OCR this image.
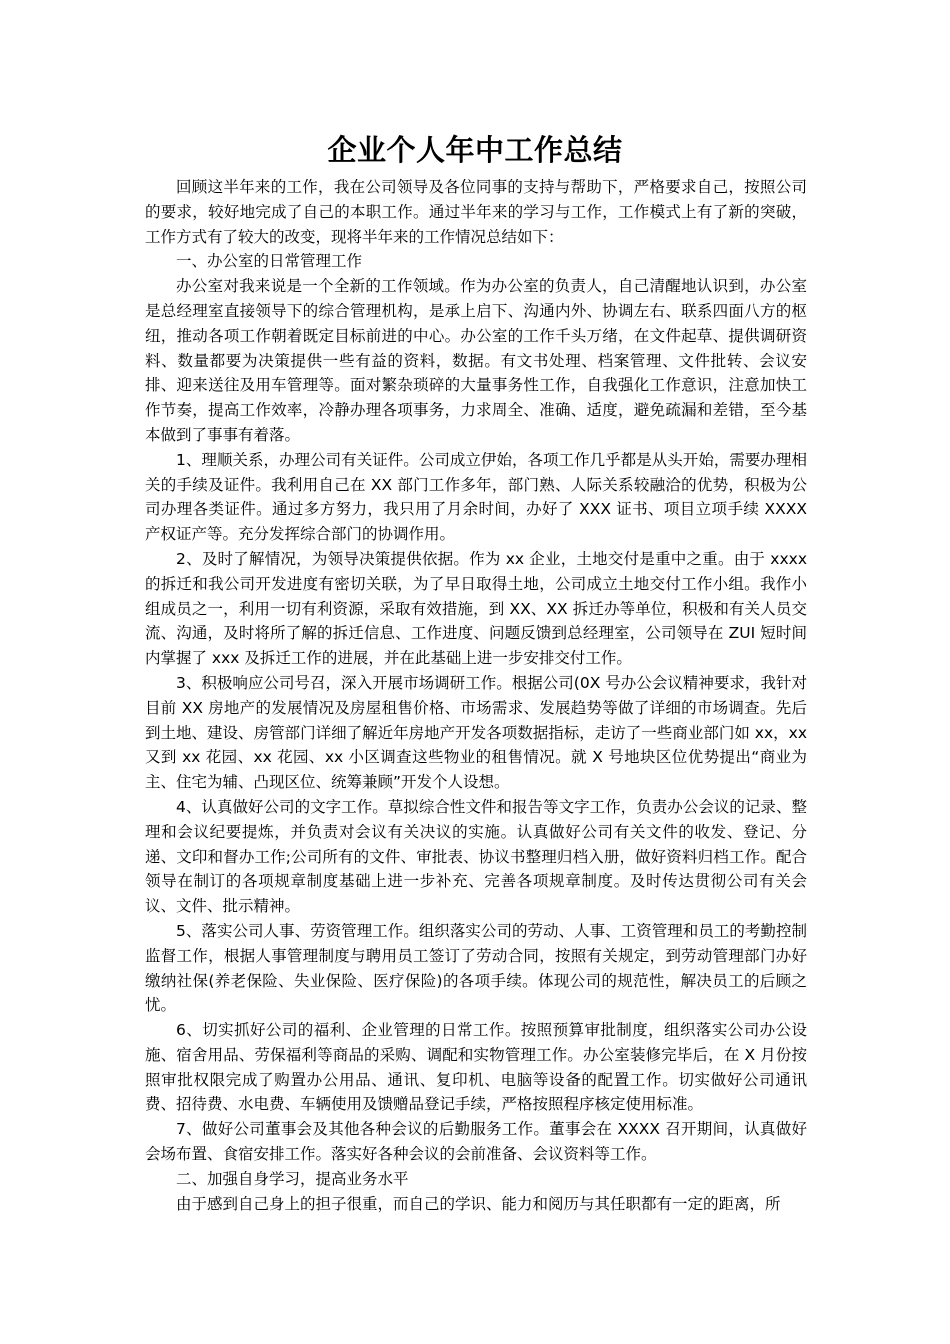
企业个人年中工作总结

回顾这半年来的工作，我在公司领导及各位同事的支持与帮助下，严格要求自己，按照公司的要求，较好地完成了自己的本职工作。通过半年来的学习与工作，工作模式上有了新的突破，工作方式有了较大的改变，现将半年来的工作情况总结如下：

一、办公室的日常管理工作

办公室对我来说是一个全新的工作领域。作为办公室的负责人，自己清醒地认识到，办公室是总经理室直接领导下的综合管理机构，是承上启下、沟通内外、协调左右、联系四面八方的枢纽，推动各项工作朝着既定目标前进的中心。办公室的工作千头万绪，在文件起草、提供调研资料、数量都要为决策提供一些有益的资料，数据。有文书处理、档案管理、文件批转、会议安排、迎来送往及用车管理等。面对繁杂琐碎的大量事务性工作，自我强化工作意识，注意加快工作节奏，提高工作效率，冷静办理各项事务，力求周全、准确、适度，避免疏漏和差错，至今基本做到了事事有着落。

1、理顺关系，办理公司有关证件。公司成立伊始，各项工作几乎都是从头开始，需要办理相关的手续及证件。我利用自己在 XX 部门工作多年，部门熟、人际关系较融洽的优势，积极为公司办理各类证件。通过多方努力，我只用了月余时间，办好了 XXX 证书、项目立项手续 XXXX 产权证产等。充分发挥综合部门的协调作用。

2、及时了解情况，为领导决策提供依据。作为 xx 企业，土地交付是重中之重。由于 xxxx 的拆迁和我公司开发进度有密切关联，为了早日取得土地，公司成立土地交付工作小组。我作小组成员之一，利用一切有利资源，采取有效措施，到 XX、XX 拆迁办等单位，积极和有关人员交流、沟通，及时将所了解的拆迁信息、工作进度、问题反馈到总经理室，公司领导在 ZUI 短时间内掌握了 xxx 及拆迁工作的进展，并在此基础上进一步安排交付工作。

3、积极响应公司号召，深入开展市场调研工作。根据公司(0X 号办公会议精神要求，我针对目前 XX 房地产的发展情况及房屋租售价格、市场需求、发展趋势等做了详细的市场调查。先后到土地、建设、房管部门详细了解近年房地产开发各项数据指标，走访了一些商业部门如 xx，xx 又到 xx 花园、xx 花园、xx 小区调查这些物业的租售情况。就 X 号地块区位优势提出“商业为主、住宅为辅、凸现区位、统筹兼顾”开发个人设想。

4、认真做好公司的文字工作。草拟综合性文件和报告等文字工作，负责办公会议的记录、整理和会议纪要提炼，并负责对会议有关决议的实施。认真做好公司有关文件的收发、登记、分递、文印和督办工作;公司所有的文件、审批表、协议书整理归档入册，做好资料归档工作。配合领导在制订的各项规章制度基础上进一步补充、完善各项规章制度。及时传达贯彻公司有关会议、文件、批示精神。

5、落实公司人事、劳资管理工作。组织落实公司的劳动、人事、工资管理和员工的考勤控制监督工作，根据人事管理制度与聘用员工签订了劳动合同，按照有关规定，到劳动管理部门办好缴纳社保(养老保险、失业保险、医疗保险)的各项手续。体现公司的规范性，解决员工的后顾之忧。

6、切实抓好公司的福利、企业管理的日常工作。按照预算审批制度，组织落实公司办公设施、宿舍用品、劳保福利等商品的采购、调配和实物管理工作。办公室装修完毕后，在 X 月份按照审批权限完成了购置办公用品、通讯、复印机、电脑等设备的配置工作。切实做好公司通讯费、招待费、水电费、车辆使用及馈赠品登记手续，严格按照程序核定使用标准。

7、做好公司董事会及其他各种会议的后勤服务工作。董事会在 XXXX 召开期间，认真做好会场布置、食宿安排工作。落实好各种会议的会前准备、会议资料等工作。

二、加强自身学习，提高业务水平

由于感到自己身上的担子很重，而自己的学识、能力和阅历与其任职都有一定的距离，所
